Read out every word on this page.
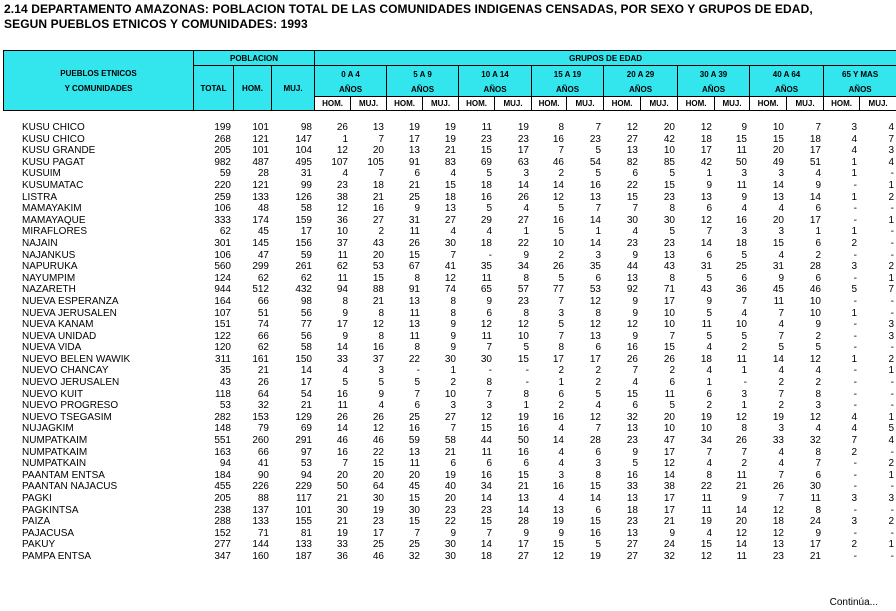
2.14 DEPARTAMENTO AMAZONAS: POBLACION TOTAL DE LAS COMUNIDADES INDIGENAS CENSADAS, POR SEXO Y GRUPOS DE EDAD,
SEGUN PUEBLOS ETNICOS Y COMUNIDADES: 1993
PUEBLOS ETNICOS
Y COMUNIDADES	POBLACION			GRUPOS DE EDAD															
	TOTAL	HOM.	MUJ.	0 A 4		5 A 9		10 A 14		15 A 19		20 A 29		30 A 39		40 A 64		65 Y MAS	
				AÑOS		AÑOS		AÑOS		AÑOS		AÑOS		AÑOS		AÑOS		AÑOS	
				HOM.	MUJ.	HOM.	MUJ.	HOM.	MUJ.	HOM.	MUJ.	HOM.	MUJ.	HOM.	MUJ.	HOM.	MUJ.	HOM.	MUJ.
KUSU CHICO	199	101	98	26	13	19	19	11	19	8	7	12	20	12	9	10	7	3	4
KUSU CHICO	268	121	147	1	7	17	19	23	23	16	23	27	42	18	15	15	18	4	7
KUSU GRANDE	205	101	104	12	20	13	21	15	17	7	5	13	10	17	11	20	17	4	3
KUSU PAGAT	982	487	495	107	105	91	83	69	63	46	54	82	85	42	50	49	51	1	4
KUSUIM	59	28	31	4	7	6	4	5	3	2	5	6	5	1	3	3	4	1	-
KUSUMATAC	220	121	99	23	18	21	15	18	14	14	16	22	15	9	11	14	9	-	1
LISTRA	259	133	126	38	21	25	18	16	26	12	13	15	23	13	9	13	14	1	2
MAMAYAKIM	106	48	58	12	16	9	13	5	4	5	7	7	8	6	4	4	6	-	-
MAMAYAQUE	333	174	159	36	27	31	27	29	27	16	14	30	30	12	16	20	17	-	1
MIRAFLORES	62	45	17	10	2	11	4	4	1	5	1	4	5	7	3	3	1	1	-
NAJAIN	301	145	156	37	43	26	30	18	22	10	14	23	23	14	18	15	6	2	-
NAJANKUS	106	47	59	11	20	15	7	-	9	2	3	9	13	6	5	4	2	-	-
NAPURUKA	560	299	261	62	53	67	41	35	34	26	35	44	43	31	25	31	28	3	2
NAYUMPIM	124	62	62	11	15	8	12	11	8	5	6	13	8	5	6	9	6	-	1
NAZARETH	944	512	432	94	88	91	74	65	57	77	53	92	71	43	36	45	46	5	7
NUEVA ESPERANZA	164	66	98	8	21	13	8	9	23	7	12	9	17	9	7	11	10	-	-
NUEVA JERUSALEN	107	51	56	9	8	11	8	6	8	3	8	9	10	5	4	7	10	1	-
NUEVA KANAM	151	74	77	17	12	13	9	12	12	5	12	12	10	11	10	4	9	-	3
NUEVA UNIDAD	122	66	56	9	8	11	9	11	10	7	13	9	7	5	5	7	2	-	3
NUEVA VIDA	120	62	58	14	16	8	9	7	5	8	6	16	15	4	2	5	5	-	-
NUEVO BELEN WAWIK	311	161	150	33	37	22	30	30	15	17	17	26	26	18	11	14	12	1	2
NUEVO CHANCAY	35	21	14	4	3	-	1	-	-	2	2	7	2	4	1	4	4	-	1
NUEVO JERUSALEN	43	26	17	5	5	5	2	8	-	1	2	4	6	1	-	2	2	-	-
NUEVO KUIT	118	64	54	16	9	7	10	7	8	6	5	15	11	6	3	7	8	-	-
NUEVO PROGRESO	53	32	21	11	4	6	3	3	1	2	4	6	5	2	1	2	3	-	-
NUEVO TSEGASIM	282	153	129	26	26	25	27	12	19	16	12	32	20	19	12	19	12	4	1
NUJAGKIM	148	79	69	14	12	16	7	15	16	4	7	13	10	10	8	3	4	4	5
NUMPATKAIM	551	260	291	46	46	59	58	44	50	14	28	23	47	34	26	33	32	7	4
NUMPATKAIM	163	66	97	16	22	13	21	11	16	4	6	9	17	7	7	4	8	2	-
NUMPATKAIN	94	41	53	7	15	11	6	6	6	4	3	5	12	4	2	4	7	-	2
PAANTAM ENTSA	184	90	94	20	20	20	19	16	15	3	8	16	14	8	11	7	6	-	1
PAANTAN NAJACUS	455	226	229	50	64	45	40	34	21	16	15	33	38	22	21	26	30	-	-
PAGKI	205	88	117	21	30	15	20	14	13	4	14	13	17	11	9	7	11	3	3
PAGKINTSA	238	137	101	30	19	30	23	23	14	13	6	18	17	11	14	12	8	-	-
PAIZA	288	133	155	21	23	15	22	15	28	19	15	23	21	19	20	18	24	3	2
PAJACUSA	152	71	81	19	17	7	9	7	9	9	16	13	9	4	12	12	9	-	-
PAKUY	277	144	133	33	25	25	30	14	17	15	5	27	24	15	14	13	17	2	1
PAMPA ENTSA	347	160	187	36	46	32	30	18	27	12	19	27	32	12	11	23	21	-	-
Continúa...
